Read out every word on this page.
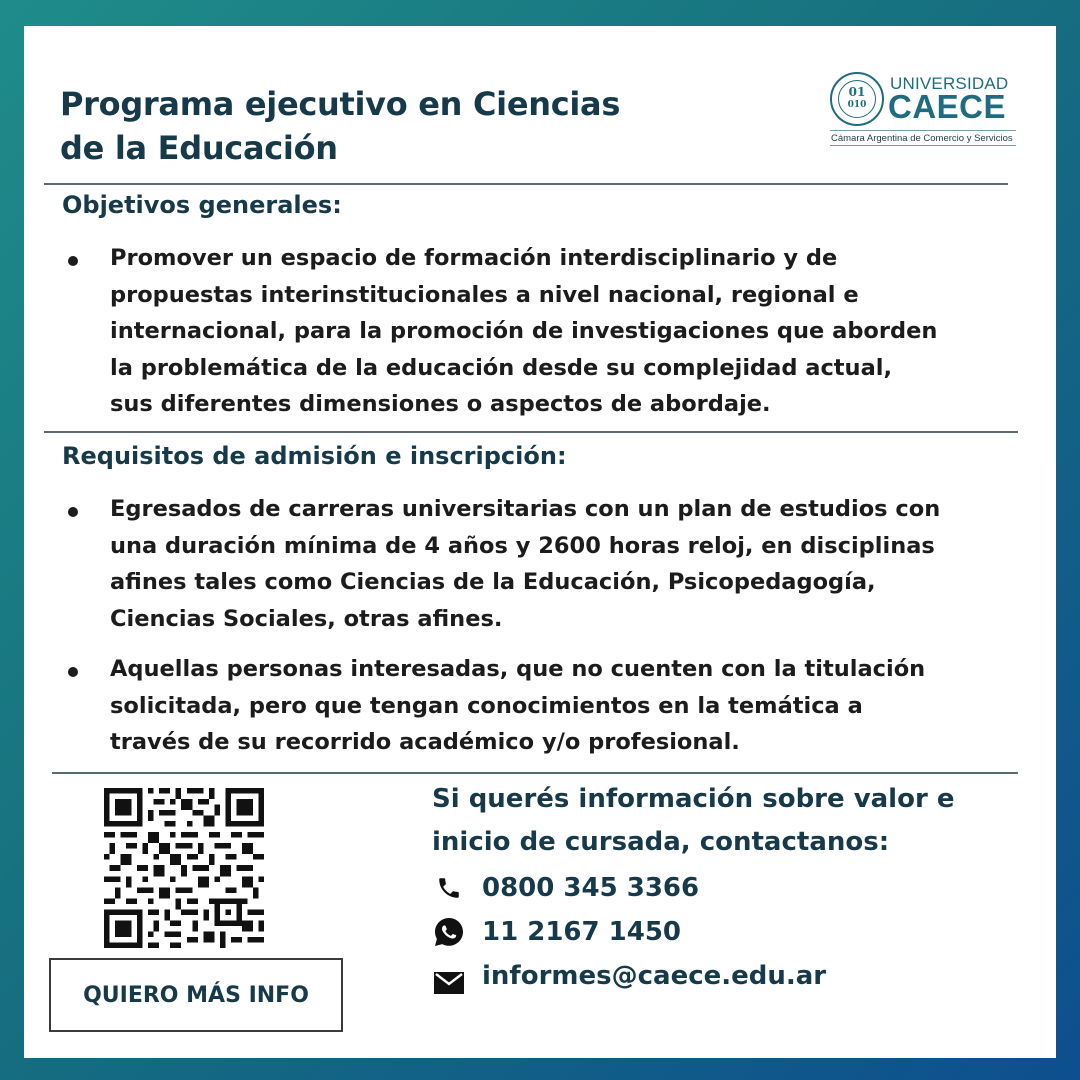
Programa ejecutivo en Ciencias
de la Educación
01
010
UNIVERSIDAD
CAECE
Cámara Argentina de Comercio y Servicios
Objetivos generales:
Promover un espacio de formación interdisciplinario y de
propuestas interinstitucionales a nivel nacional, regional e
internacional, para la promoción de investigaciones que aborden
la problemática de la educación desde su complejidad actual,
sus diferentes dimensiones o aspectos de abordaje.
Requisitos de admisión e inscripción:
Egresados de carreras universitarias con un plan de estudios con
una duración mínima de 4 años y 2600 horas reloj, en disciplinas
afines tales como Ciencias de la Educación, Psicopedagogía,
Ciencias Sociales, otras afines.
Aquellas personas interesadas, que no cuenten con la titulación
solicitada, pero que tengan conocimientos en la temática a
través de su recorrido académico y/o profesional.
QUIERO MÁS INFO
Si querés información sobre valor e
inicio de cursada, contactanos:
0800 345 3366
11 2167 1450
informes@caece.edu.ar
